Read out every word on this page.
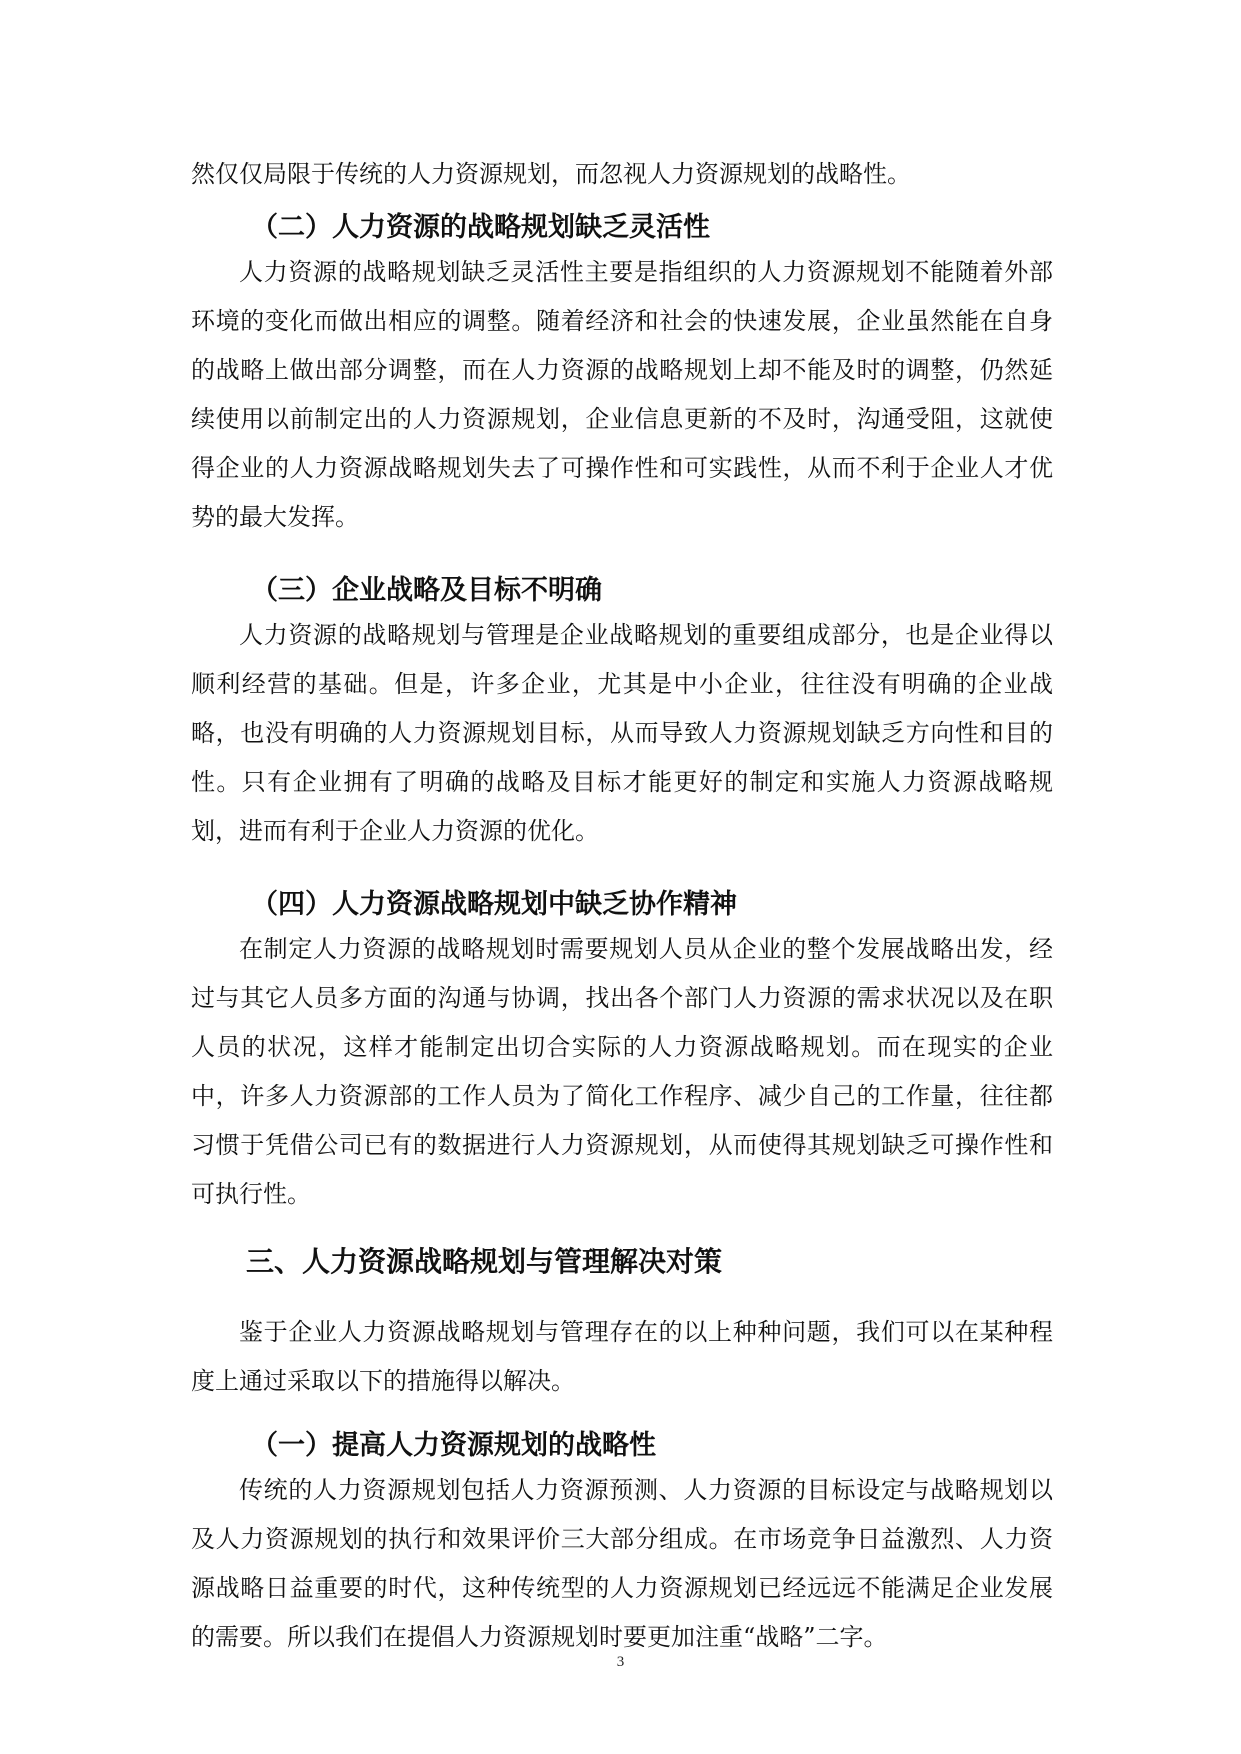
然仅仅局限于传统的人力资源规划，而忽视人力资源规划的战略性。

（二）人力资源的战略规划缺乏灵活性

人力资源的战略规划缺乏灵活性主要是指组织的人力资源规划不能随着外部环境的变化而做出相应的调整。随着经济和社会的快速发展，企业虽然能在自身的战略上做出部分调整，而在人力资源的战略规划上却不能及时的调整，仍然延续使用以前制定出的人力资源规划，企业信息更新的不及时，沟通受阻，这就使得企业的人力资源战略规划失去了可操作性和可实践性，从而不利于企业人才优势的最大发挥。

（三）企业战略及目标不明确

人力资源的战略规划与管理是企业战略规划的重要组成部分，也是企业得以顺利经营的基础。但是，许多企业，尤其是中小企业，往往没有明确的企业战略，也没有明确的人力资源规划目标，从而导致人力资源规划缺乏方向性和目的性。只有企业拥有了明确的战略及目标才能更好的制定和实施人力资源战略规划，进而有利于企业人力资源的优化。

（四）人力资源战略规划中缺乏协作精神

在制定人力资源的战略规划时需要规划人员从企业的整个发展战略出发，经过与其它人员多方面的沟通与协调，找出各个部门人力资源的需求状况以及在职人员的状况，这样才能制定出切合实际的人力资源战略规划。而在现实的企业中，许多人力资源部的工作人员为了简化工作程序、减少自己的工作量，往往都习惯于凭借公司已有的数据进行人力资源规划，从而使得其规划缺乏可操作性和可执行性。

三、人力资源战略规划与管理解决对策

鉴于企业人力资源战略规划与管理存在的以上种种问题，我们可以在某种程度上通过采取以下的措施得以解决。

（一）提高人力资源规划的战略性

传统的人力资源规划包括人力资源预测、人力资源的目标设定与战略规划以及人力资源规划的执行和效果评价三大部分组成。在市场竞争日益激烈、人力资源战略日益重要的时代，这种传统型的人力资源规划已经远远不能满足企业发展的需要。所以我们在提倡人力资源规划时要更加注重“战略”二字。

3
